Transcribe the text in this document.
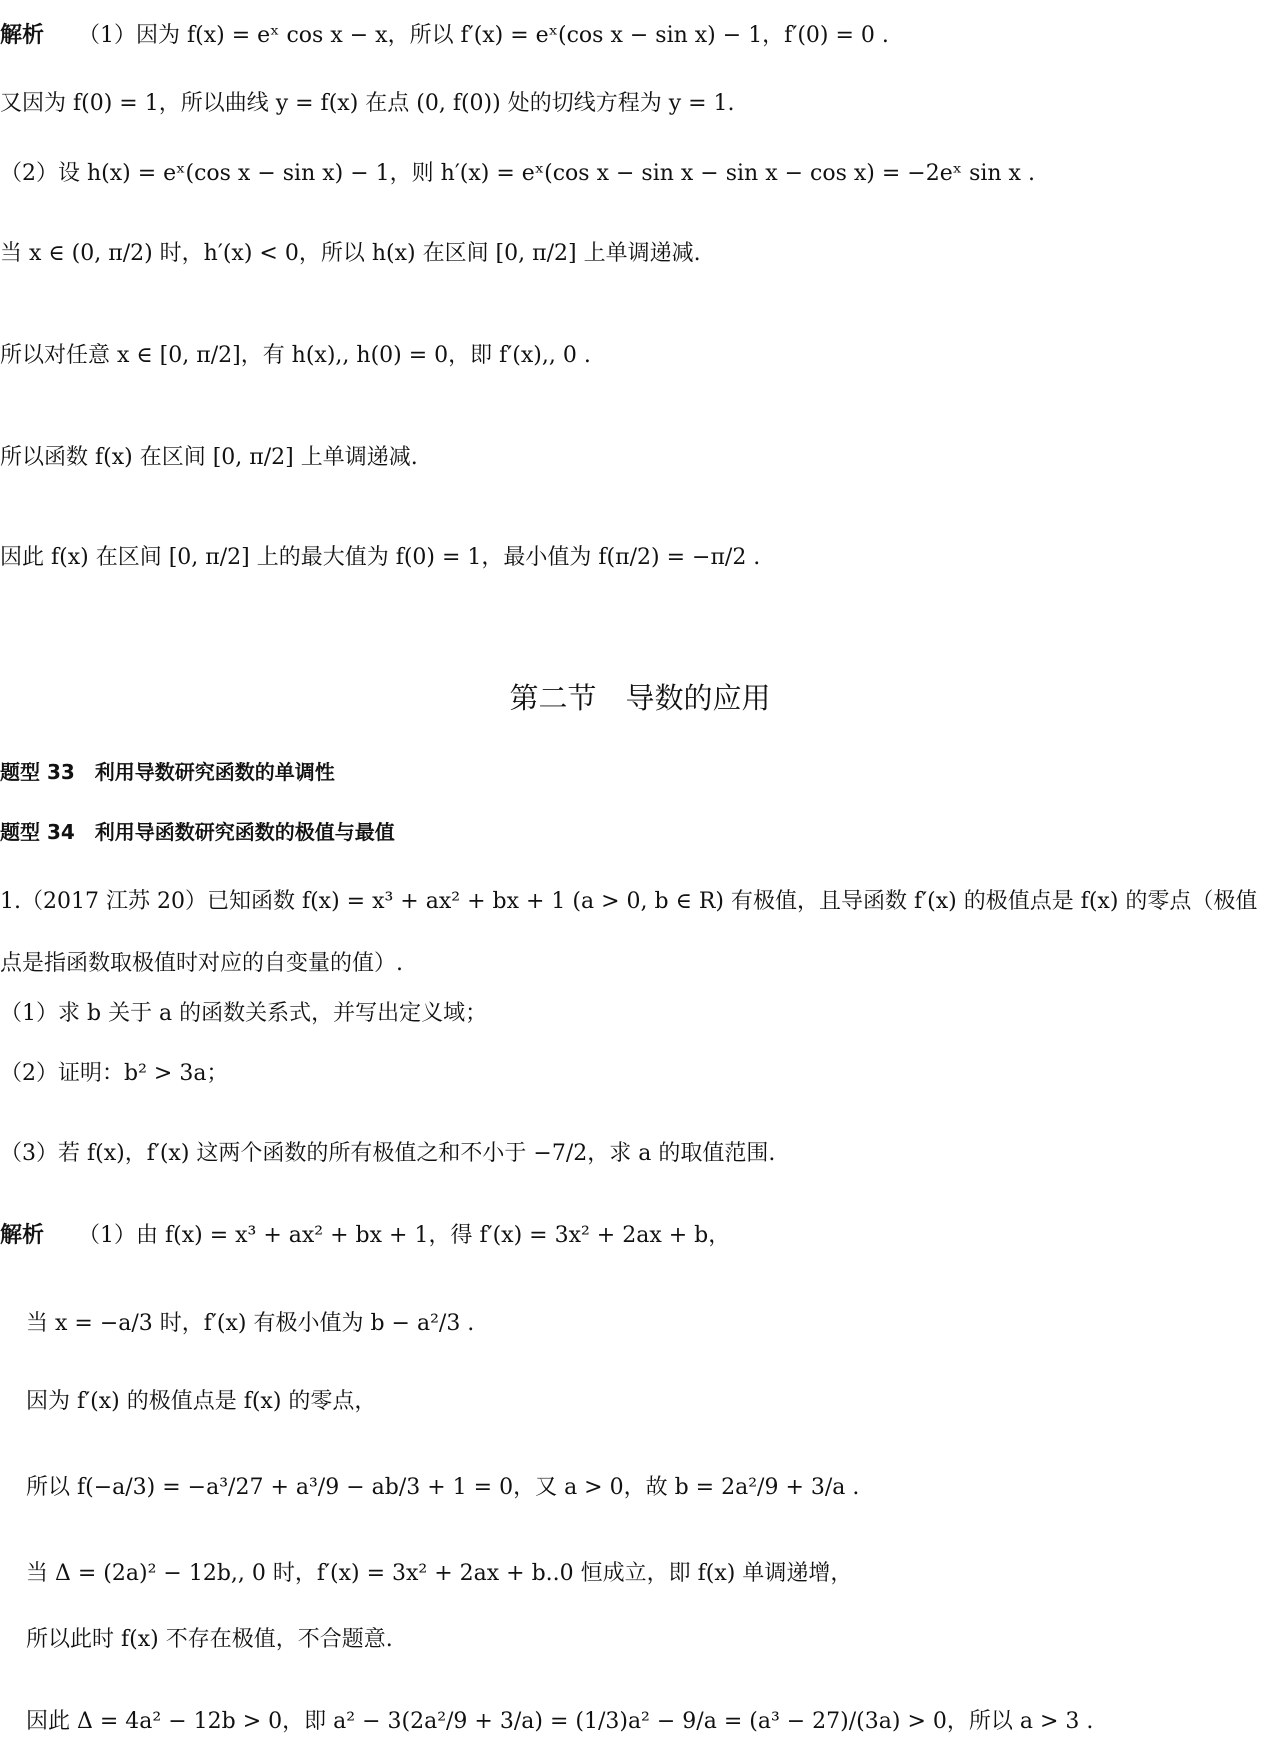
解析 （1）因为 f(x) = eˣ cos x − x，所以 f′(x) = eˣ(cos x − sin x) − 1，f′(0) = 0 .
又因为 f(0) = 1，所以曲线 y = f(x) 在点 (0, f(0)) 处的切线方程为 y = 1.
（2）设 h(x) = eˣ(cos x − sin x) − 1，则 h′(x) = eˣ(cos x − sin x − sin x − cos x) = −2eˣ sin x .
当 x ∈ (0, π/2) 时，h′(x) < 0，所以 h(x) 在区间 [0, π/2] 上单调递减.
所以对任意 x ∈ [0, π/2]，有 h(x),, h(0) = 0，即 f′(x),, 0 .
所以函数 f(x) 在区间 [0, π/2] 上单调递减.
因此 f(x) 在区间 [0, π/2] 上的最大值为 f(0) = 1，最小值为 f(π/2) = −π/2 .
第二节　导数的应用
题型 33　利用导数研究函数的单调性
题型 34　利用导函数研究函数的极值与最值
1.（2017 江苏 20）已知函数 f(x) = x³ + ax² + bx + 1 (a > 0, b ∈ R) 有极值，且导函数 f′(x) 的极值点是 f(x) 的零点（极值
点是指函数取极值时对应的自变量的值）.
（1）求 b 关于 a 的函数关系式，并写出定义域；
（2）证明：b² > 3a；
（3）若 f(x)，f′(x) 这两个函数的所有极值之和不小于 −7/2，求 a 的取值范围.
解析 （1）由 f(x) = x³ + ax² + bx + 1，得 f′(x) = 3x² + 2ax + b，
当 x = −a/3 时，f′(x) 有极小值为 b − a²/3 .
因为 f′(x) 的极值点是 f(x) 的零点，
所以 f(−a/3) = −a³/27 + a³/9 − ab/3 + 1 = 0，又 a > 0，故 b = 2a²/9 + 3/a .
当 Δ = (2a)² − 12b,, 0 时，f′(x) = 3x² + 2ax + b..0 恒成立，即 f(x) 单调递增，
所以此时 f(x) 不存在极值，不合题意.
因此 Δ = 4a² − 12b > 0，即 a² − 3(2a²/9 + 3/a) = (1/3)a² − 9/a = (a³ − 27)/(3a) > 0，所以 a > 3 .
